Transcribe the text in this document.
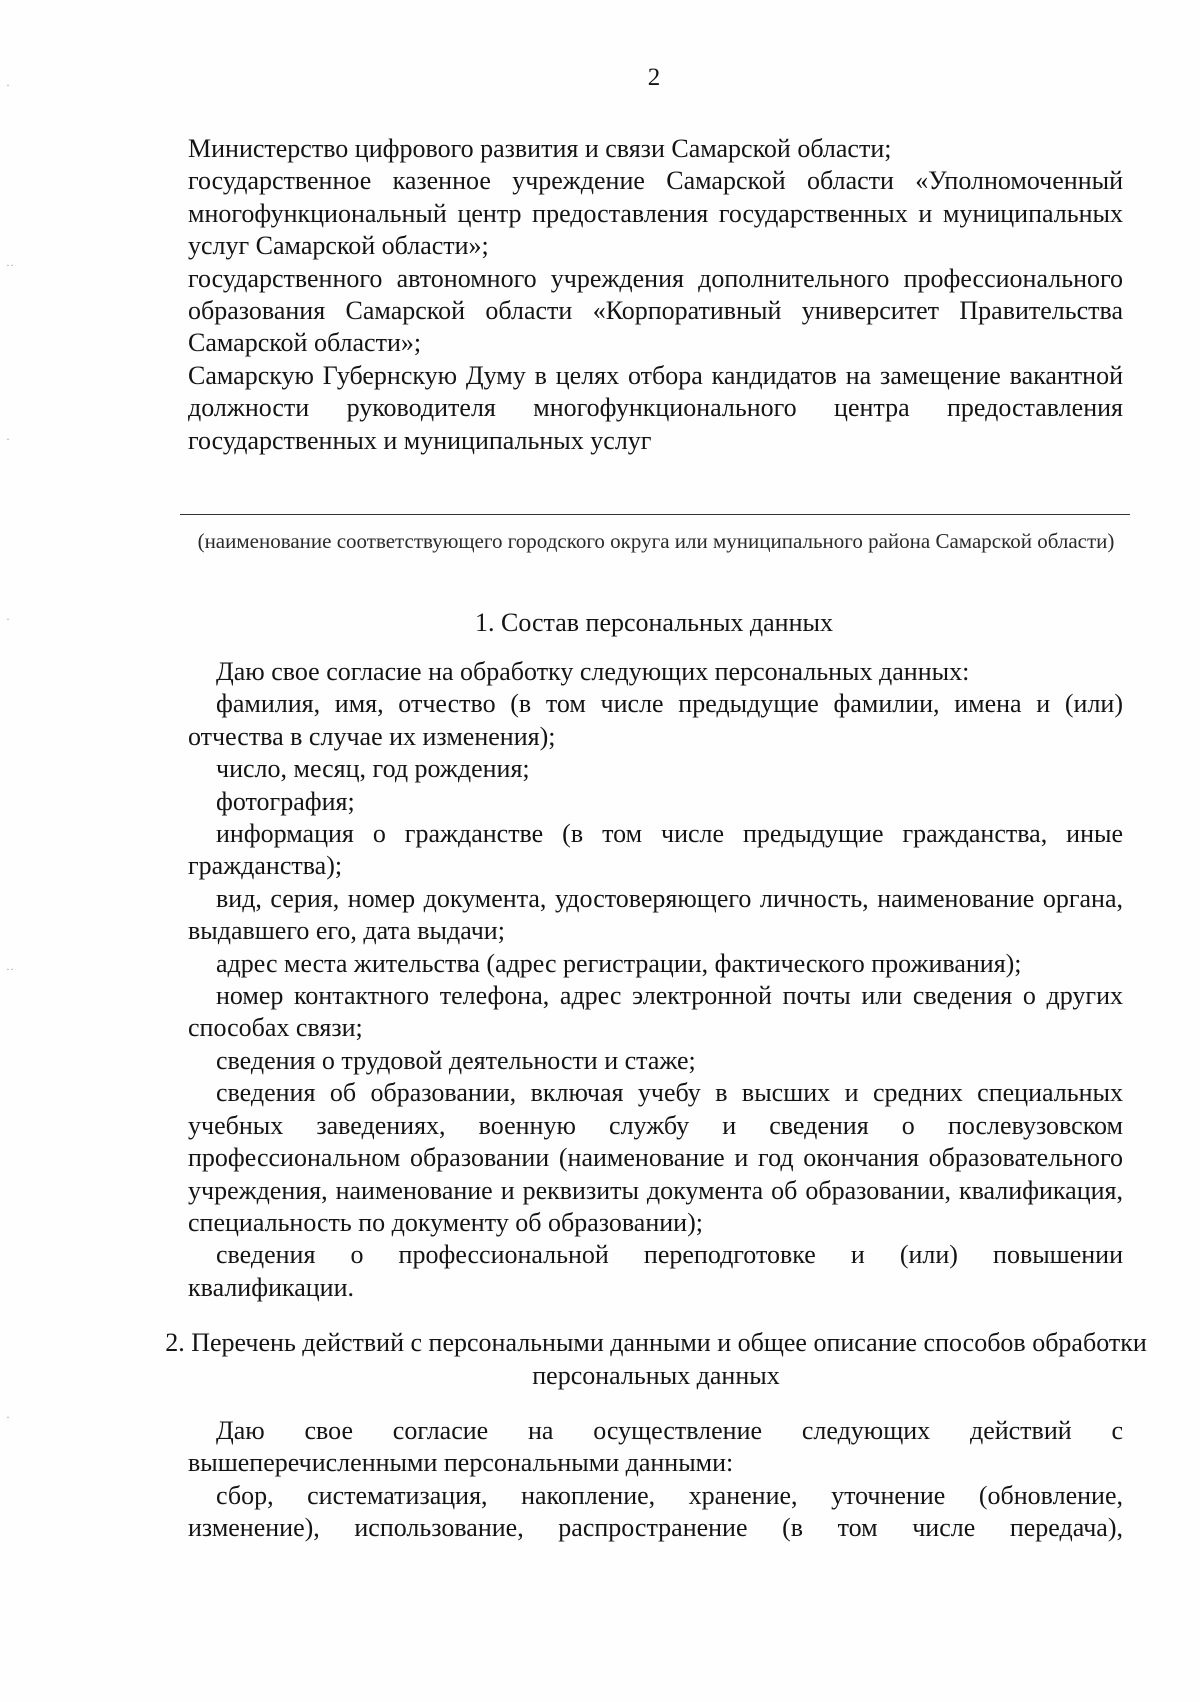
2

Министерство цифрового развития и связи Самарской области;

государственное казенное учреждение Самарской области «Уполномоченный многофункциональный центр предоставления государственных и муниципальных услуг Самарской области»;

государственного автономного учреждения дополнительного профессионального образования Самарской области «Корпоративный университет Правительства Самарской области»;

Самарскую Губернскую Думу в целях отбора кандидатов на замещение вакантной должности руководителя многофункционального центра предоставления государственных и муниципальных услуг

(наименование соответствующего городского округа или муниципального района Самарской области)
1. Состав персональных данных

Даю свое согласие на обработку следующих персональных данных:

фамилия, имя, отчество (в том числе предыдущие фамилии, имена и (или) отчества в случае их изменения);

число, месяц, год рождения;

фотография;

информация о гражданстве (в том числе предыдущие гражданства, иные гражданства);

вид, серия, номер документа, удостоверяющего личность, наименование органа, выдавшего его, дата выдачи;

адрес места жительства (адрес регистрации, фактического проживания);

номер контактного телефона, адрес электронной почты или сведения о других способах связи;

сведения о трудовой деятельности и стаже;

сведения об образовании, включая учебу в высших и средних специальных учебных заведениях, военную службу и сведения о послевузовском профессиональном образовании (наименование и год окончания образовательного учреждения, наименование и реквизиты документа об образовании, квалификация, специальность по документу об образовании);

сведения о профессиональной переподготовке и (или) повышении квалификации.

2. Перечень действий с персональными данными и общее описание способов обработки персональных данных

Даю свое согласие на осуществление следующих действий с вышеперечисленными персональными данными:

сбор, систематизация, накопление, хранение, уточнение (обновление, изменение), использование, распространение (в том числе передача),

·
··
·
·
··
·
